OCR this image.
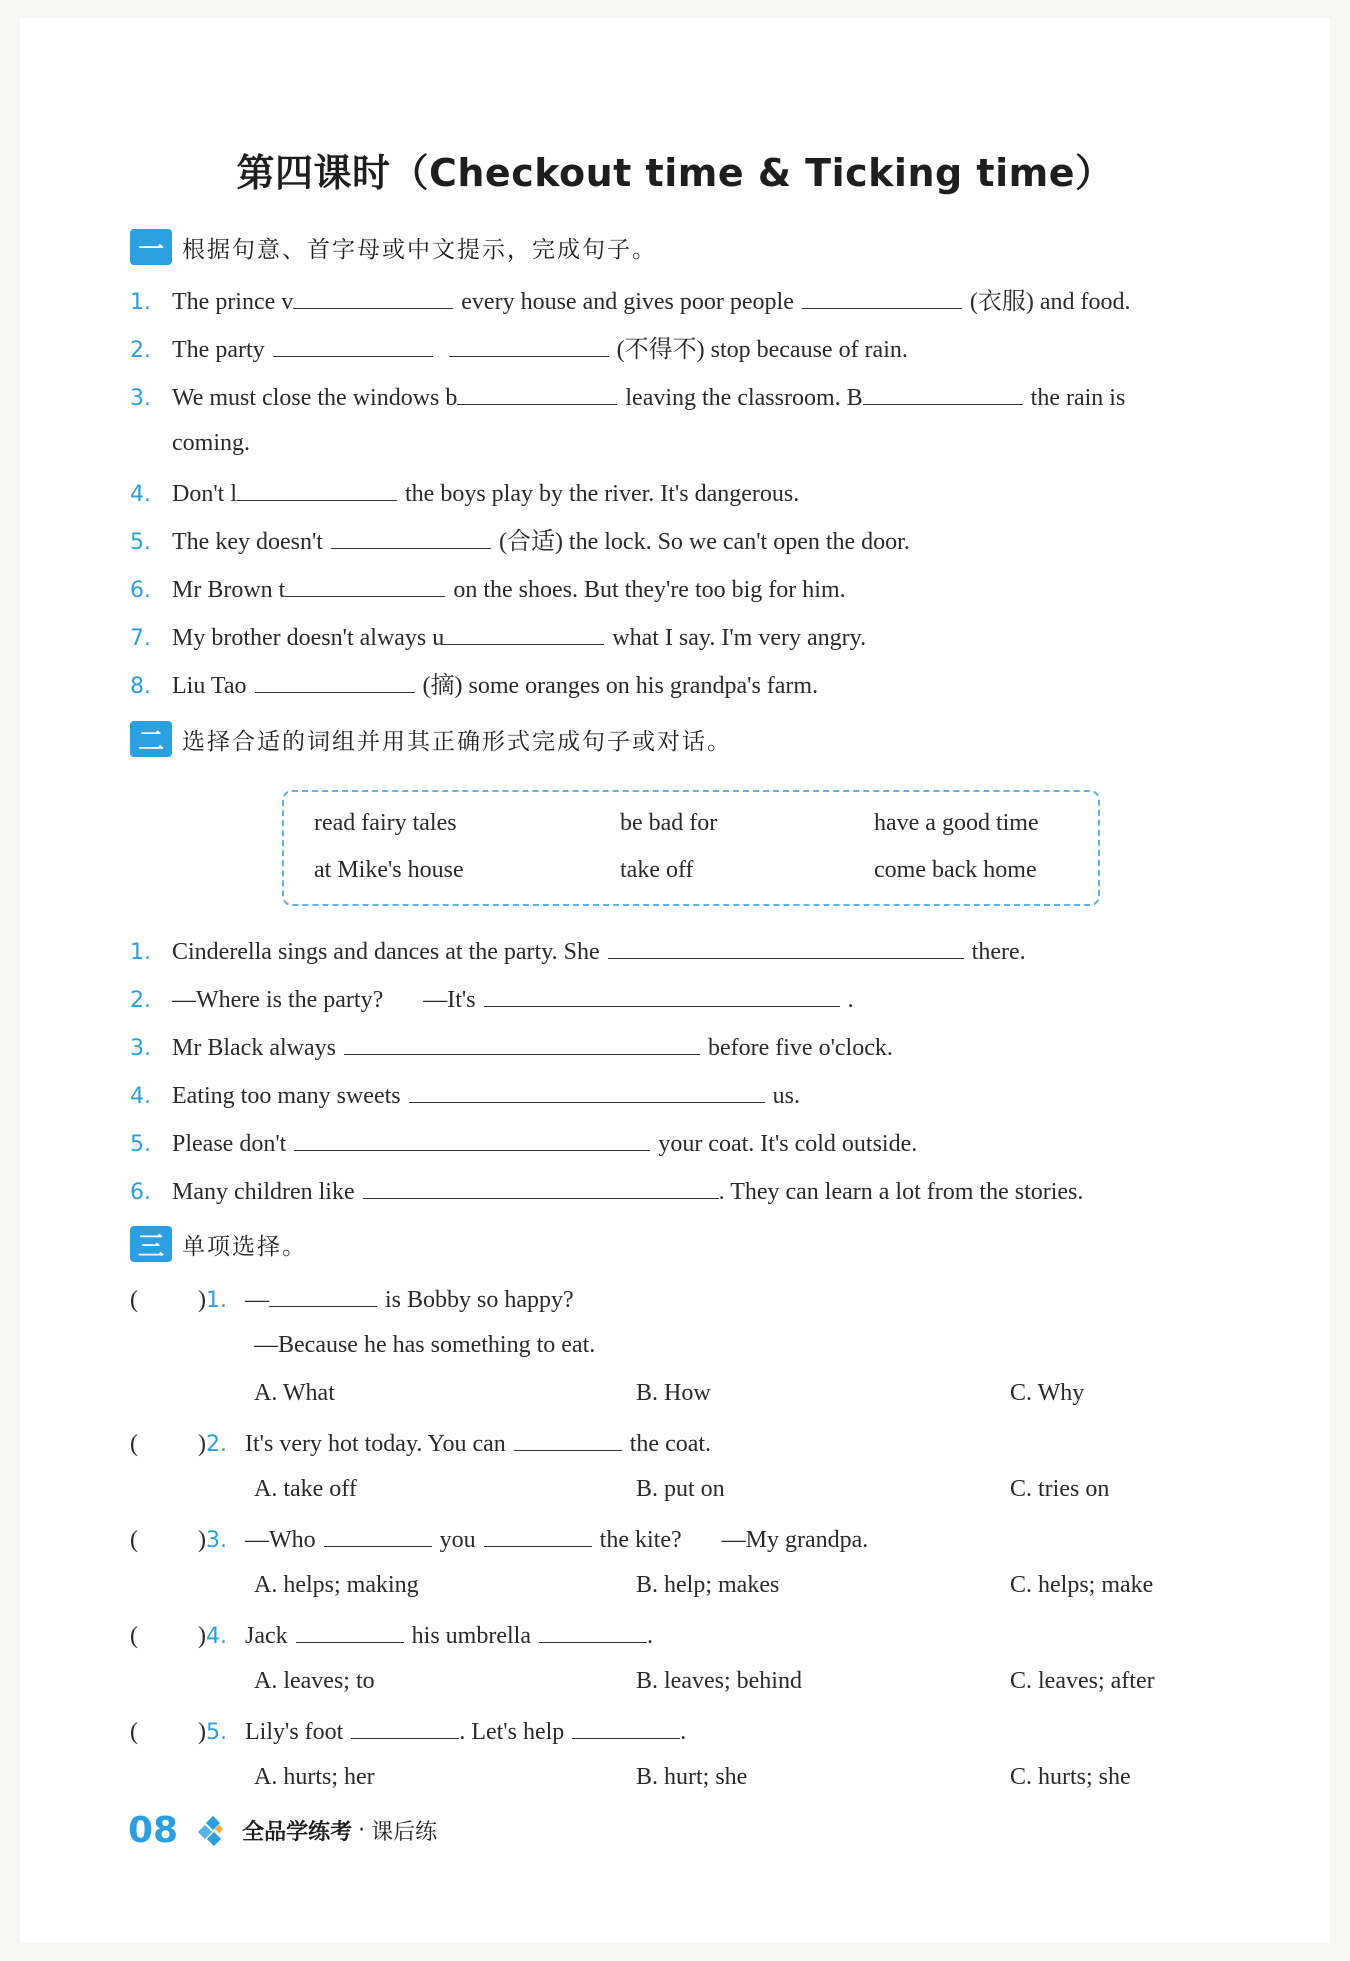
第四课时（Checkout time & Ticking time）
一 根据句意、首字母或中文提示，完成句子。
1. The prince v	every house and gives poor people	(衣服) and food.
2. The party	(不得不) stop because of rain.
3. We must close the windows b	leaving the classroom. B	the rain is
coming.
4. Don't l	the boys play by the river. It's dangerous.
5. The key doesn't	(合适) the lock. So we can't open the door.
6. Mr Brown t	on the shoes. But they're too big for him.
7. My brother doesn't always u	what I say. I'm very angry.
8. Liu Tao	(摘) some oranges on his grandpa's farm.
二 选择合适的词组并用其正确形式完成句子或对话。
read fairy tales	be bad for	have a good time
at Mike's house	take off	come back home
1. Cinderella sings and dances at the party. She	there.
2. —Where is the party? —It's	.
3. Mr Black always	before five o'clock.
4. Eating too many sweets	us.
5. Please don't	your coat. It's cold outside.
6. Many children like	. They can learn a lot from the stories.
三 单项选择。
(	)1. —	is Bobby so happy?
—Because he has something to eat.
A. What	B. How	C. Why
(	)2. It's very hot today. You can	the coat.
A. take off	B. put on	C. tries on
(	)3. —Who	you	the kite? —My grandpa.
A. helps; making	B. help; makes	C. helps; make
(	)4. Jack	his umbrella	.
A. leaves; to	B. leaves; behind	C. leaves; after
(	)5. Lily's foot	. Let's help	.
A. hurts; her	B. hurt; she	C. hurts; she
08	全品学练考 · 课后练
